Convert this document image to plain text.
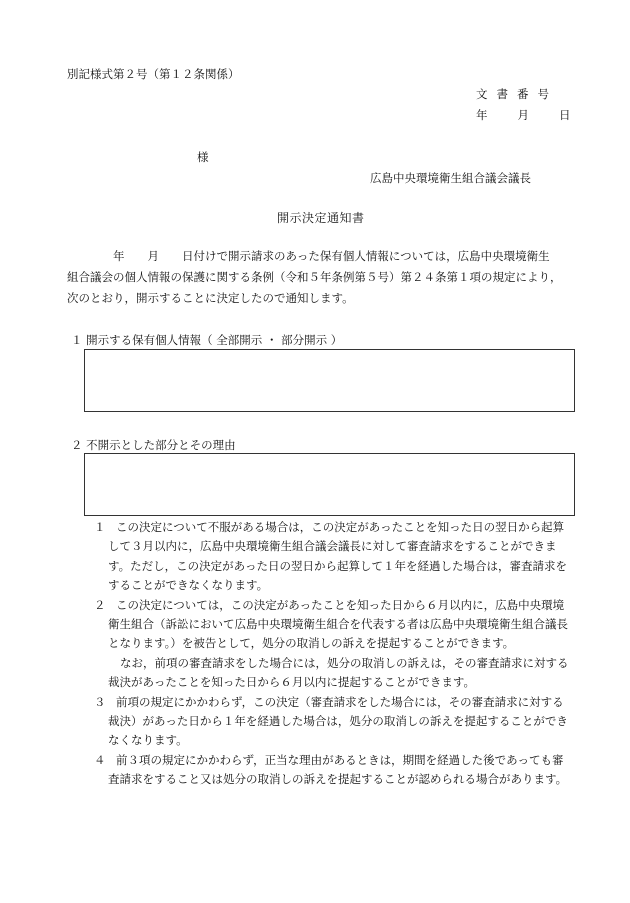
別記様式第２号（第１２条関係）
文書番号
年	月	日
様
広島中央環境衛生組合議会議長
開示決定通知書

　　　　年　　月　　日付けで開示請求のあった保有個人情報については，広島中央環境衛生

組合議会の個人情報の保護に関する条例（令和５年条例第５号）第２４条第１項の規定により，

次のとおり，開示することに決定したので通知します。

１ 開示する保有個人情報（ 全部開示 ・ 部分開示 ）
２ 不開示とした部分とその理由

１ この決定について不服がある場合は，この決定があったことを知った日の翌日から起算

して３月以内に，広島中央環境衛生組合議会議長に対して審査請求をすることができま

す。ただし，この決定があった日の翌日から起算して１年を経過した場合は，審査請求を

することができなくなります。

２ この決定については，この決定があったことを知った日から６月以内に，広島中央環境

衛生組合（訴訟において広島中央環境衛生組合を代表する者は広島中央環境衛生組合議長

となります。）を被告として，処分の取消しの訴えを提起することができます。

なお，前項の審査請求をした場合には，処分の取消しの訴えは，その審査請求に対する

裁決があったことを知った日から６月以内に提起することができます。

３ 前項の規定にかかわらず，この決定（審査請求をした場合には，その審査請求に対する

裁決）があった日から１年を経過した場合は，処分の取消しの訴えを提起することができ

なくなります。

４ 前３項の規定にかかわらず，正当な理由があるときは，期間を経過した後であっても審

査請求をすること又は処分の取消しの訴えを提起することが認められる場合があります。
